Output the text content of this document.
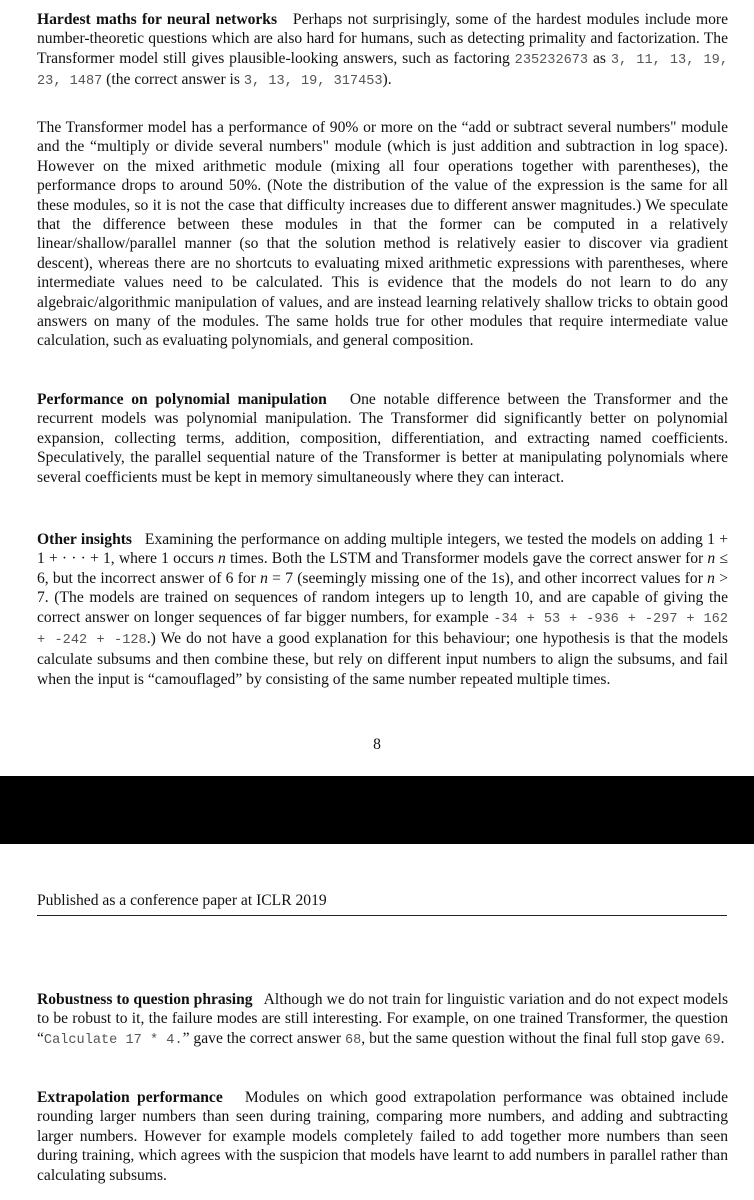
Hardest maths for neural networks Perhaps not surprisingly, some of the hardest modules include more number-theoretic questions which are also hard for humans, such as detecting primality and factorization. The Transformer model still gives plausible-looking answers, such as factoring 235232673 as 3, 11, 13, 19, 23, 1487 (the correct answer is 3, 13, 19, 317453).

The Transformer model has a performance of 90% or more on the “add or subtract several numbers" module and the “multiply or divide several numbers" module (which is just addition and subtraction in log space). However on the mixed arithmetic module (mixing all four operations together with parentheses), the performance drops to around 50%. (Note the distribution of the value of the expression is the same for all these modules, so it is not the case that difficulty increases due to different answer magnitudes.) We speculate that the difference between these modules in that the former can be computed in a relatively linear/shallow/parallel manner (so that the solution method is relatively easier to discover via gradient descent), whereas there are no shortcuts to evaluating mixed arithmetic expressions with parentheses, where intermediate values need to be calculated. This is evidence that the models do not learn to do any algebraic/algorithmic manipulation of values, and are instead learning relatively shallow tricks to obtain good answers on many of the modules. The same holds true for other modules that require intermediate value calculation, such as evaluating polynomials, and general composition.

Performance on polynomial manipulation One notable difference between the Transformer and the recurrent models was polynomial manipulation. The Transformer did significantly better on polynomial expansion, collecting terms, addition, composition, differentiation, and extracting named coefficients. Speculatively, the parallel sequential nature of the Transformer is better at manipulating polynomials where several coefficients must be kept in memory simultaneously where they can interact.

Other insights Examining the performance on adding multiple integers, we tested the models on adding 1 + 1 + · · · + 1, where 1 occurs n times. Both the LSTM and Transformer models gave the correct answer for n ≤ 6, but the incorrect answer of 6 for n = 7 (seemingly missing one of the 1s), and other incorrect values for n > 7. (The models are trained on sequences of random integers up to length 10, and are capable of giving the correct answer on longer sequences of far bigger numbers, for example -34 + 53 + -936 + -297 + 162 + -242 + -128.) We do not have a good explanation for this behaviour; one hypothesis is that the models calculate subsums and then combine these, but rely on different input numbers to align the subsums, and fail when the input is “camouflaged” by consisting of the same number repeated multiple times.

8
Published as a conference paper at ICLR 2019

Robustness to question phrasing Although we do not train for linguistic variation and do not expect models to be robust to it, the failure modes are still interesting. For example, on one trained Transformer, the question “Calculate 17 * 4.” gave the correct answer 68, but the same question without the final full stop gave 69.

Extrapolation performance Modules on which good extrapolation performance was obtained include rounding larger numbers than seen during training, comparing more numbers, and adding and subtracting larger numbers. However for example models completely failed to add together more numbers than seen during training, which agrees with the suspicion that models have learnt to add numbers in parallel rather than calculating subsums.
